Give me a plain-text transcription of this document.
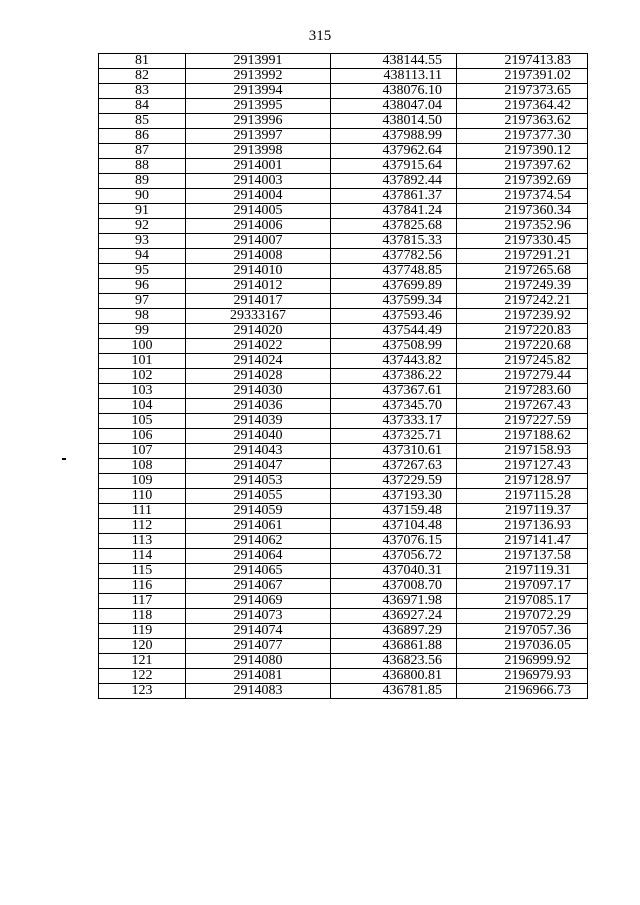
315
81	2913991	438144.55	2197413.83
82	2913992	438113.11	2197391.02
83	2913994	438076.10	2197373.65
84	2913995	438047.04	2197364.42
85	2913996	438014.50	2197363.62
86	2913997	437988.99	2197377.30
87	2913998	437962.64	2197390.12
88	2914001	437915.64	2197397.62
89	2914003	437892.44	2197392.69
90	2914004	437861.37	2197374.54
91	2914005	437841.24	2197360.34
92	2914006	437825.68	2197352.96
93	2914007	437815.33	2197330.45
94	2914008	437782.56	2197291.21
95	2914010	437748.85	2197265.68
96	2914012	437699.89	2197249.39
97	2914017	437599.34	2197242.21
98	29333167	437593.46	2197239.92
99	2914020	437544.49	2197220.83
100	2914022	437508.99	2197220.68
101	2914024	437443.82	2197245.82
102	2914028	437386.22	2197279.44
103	2914030	437367.61	2197283.60
104	2914036	437345.70	2197267.43
105	2914039	437333.17	2197227.59
106	2914040	437325.71	2197188.62
107	2914043	437310.61	2197158.93
108	2914047	437267.63	2197127.43
109	2914053	437229.59	2197128.97
110	2914055	437193.30	2197115.28
111	2914059	437159.48	2197119.37
112	2914061	437104.48	2197136.93
113	2914062	437076.15	2197141.47
114	2914064	437056.72	2197137.58
115	2914065	437040.31	2197119.31
116	2914067	437008.70	2197097.17
117	2914069	436971.98	2197085.17
118	2914073	436927.24	2197072.29
119	2914074	436897.29	2197057.36
120	2914077	436861.88	2197036.05
121	2914080	436823.56	2196999.92
122	2914081	436800.81	2196979.93
123	2914083	436781.85	2196966.73
